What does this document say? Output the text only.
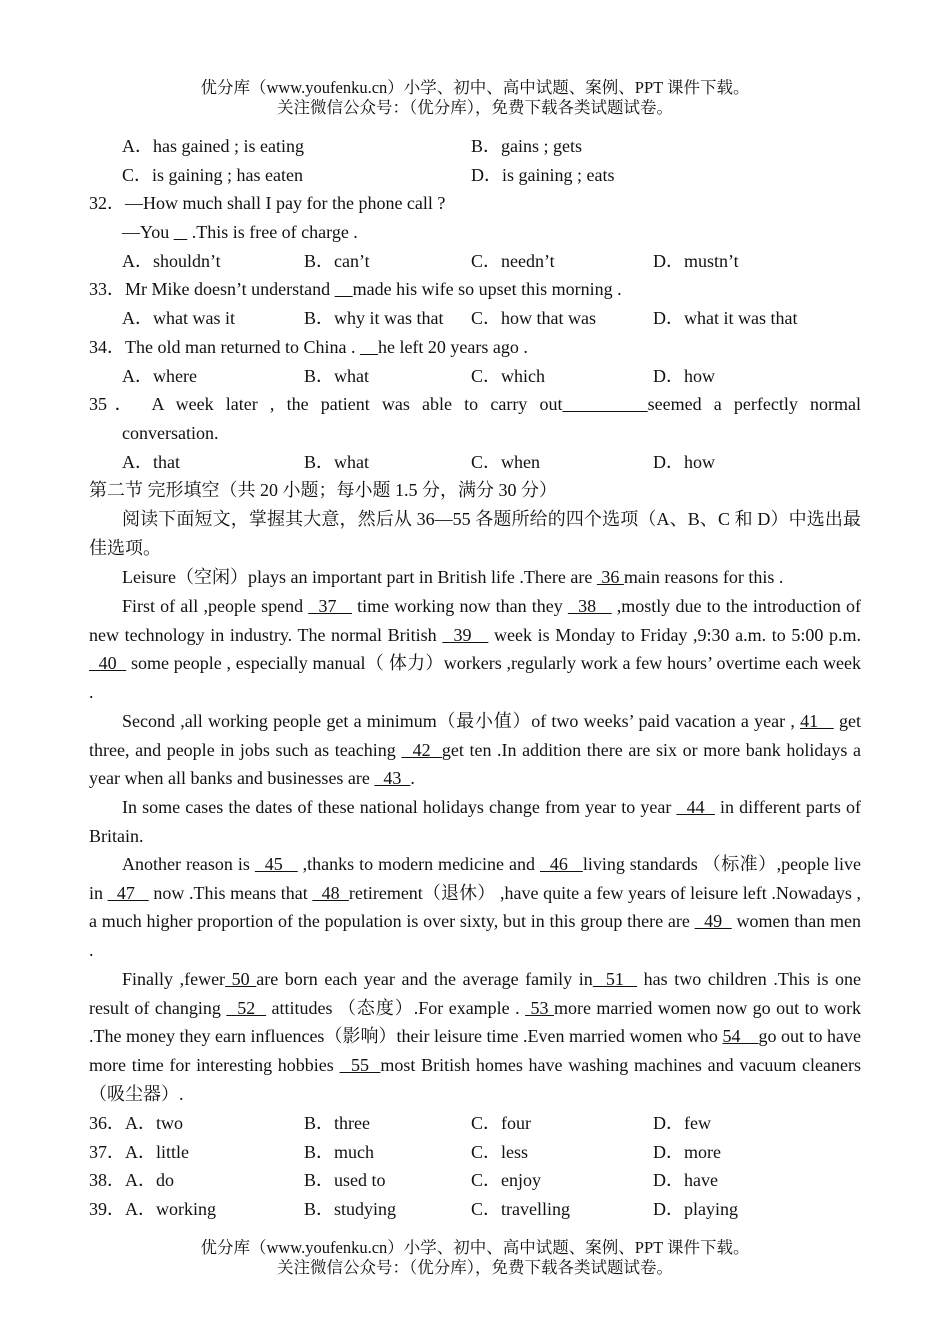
优分库（www.youfenku.cn）小学、初中、高中试题、案例、PPT 课件下载。
关注微信公众号：（优分库），免费下载各类试题试卷。
A．has gained ; is eating	B．gains ; gets
C．is gaining ; has eaten	D．is gaining ; eats
32．—How much shall I pay for the phone call ?
—You     .This is free of charge .
A．shouldn’t	B．can’t	C．needn’t	D．mustn’t
33．Mr Mike doesn’t understand     made his wife so upset this morning .
A．what was it	B．why it was that C．how that was	D．what it was that
34．The old man returned to China .     he left 20 years ago .
A．where	B．what	C．which	D．how
35． A week later , the patient was able to carry out	seemed a perfectly normal
conversation.
A．that	B．what	C．when	D．how
第二节 完形填空（共 20 小题；每小题 1.5 分，满分 30 分）
阅读下面短文，掌握其大意，然后从 36—55 各题所给的四个选项（A、B、C 和 D）中选出最佳选项。
Leisure（空闲）plays an important part in British life .There are  36 main reasons for this .
First of all ,people spend   37    time working now than they   38    ,mostly due to the introduction of new technology in industry. The normal British   39    week is Monday to Friday ,9:30 a.m. to 5:00 p.m.  40   some people , especially manual（ 体力）workers ,regularly work a few hours’ overtime each week .
Second ,all working people get a minimum（最小值）of two weeks’ paid vacation a year , 41    get three, and people in jobs such as teaching   42  get ten .In addition there are six or more bank holidays a year when all banks and businesses are   43  .
In some cases the dates of these national holidays change from year to year   44   in different parts of Britain.
Another reason is   45    ,thanks to modern medicine and   46   living standards （标准）,people live in   47    now .This means that   48  retirement（退休） ,have quite a few years of leisure left .Nowadays , a much higher proportion of the population is over sixty, but in this group there are   49   women than men .
Finally ,fewer 50 are born each year and the average family in  51   has two children .This is one result of changing   52   attitudes （态度）.For example .  53 more married women now go out to work .The money they earn influences（影响）their leisure time .Even married women who 54    go out to have more time for interesting hobbies   55  most British homes have washing machines and vacuum cleaners （吸尘器）.
36．A．two	B．three	C．four	D．few
37．A．little	B．much	C．less	D．more
38．A．do	B．used to	C．enjoy	D．have
39．A．working	B．studying	C．travelling	D．playing
优分库（www.youfenku.cn）小学、初中、高中试题、案例、PPT 课件下载。
关注微信公众号：（优分库），免费下载各类试题试卷。
